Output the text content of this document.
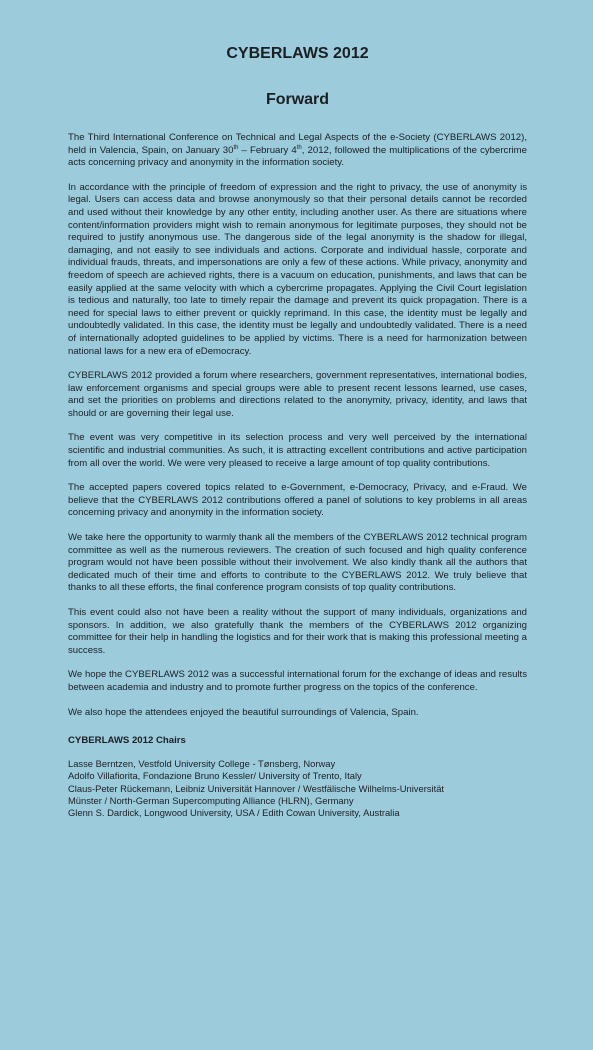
CYBERLAWS 2012
Forward

The Third International Conference on Technical and Legal Aspects of the e-Society (CYBERLAWS 2012), held in Valencia, Spain, on January 30th – February 4th, 2012, followed the multiplications of the cybercrime acts concerning privacy and anonymity in the information society.

In accordance with the principle of freedom of expression and the right to privacy, the use of anonymity is legal. Users can access data and browse anonymously so that their personal details cannot be recorded and used without their knowledge by any other entity, including another user. As there are situations where content/information providers might wish to remain anonymous for legitimate purposes, they should not be required to justify anonymous use. The dangerous side of the legal anonymity is the shadow for illegal, damaging, and not easily to see individuals and actions. Corporate and individual hassle, corporate and individual frauds, threats, and impersonations are only a few of these actions. While privacy, anonymity and freedom of speech are achieved rights, there is a vacuum on education, punishments, and laws that can be easily applied at the same velocity with which a cybercrime propagates. Applying the Civil Court legislation is tedious and naturally, too late to timely repair the damage and prevent its quick propagation. There is a need for special laws to either prevent or quickly reprimand. In this case, the identity must be legally and undoubtedly validated. In this case, the identity must be legally and undoubtedly validated. There is a need of internationally adopted guidelines to be applied by victims. There is a need for harmonization between national laws for a new era of eDemocracy.

CYBERLAWS 2012 provided a forum where researchers, government representatives, international bodies, law enforcement organisms and special groups were able to present recent lessons learned, use cases, and set the priorities on problems and directions related to the anonymity, privacy, identity, and laws that should or are governing their legal use.

The event was very competitive in its selection process and very well perceived by the international scientific and industrial communities. As such, it is attracting excellent contributions and active participation from all over the world. We were very pleased to receive a large amount of top quality contributions.

The accepted papers covered topics related to e-Government, e-Democracy, Privacy, and e-Fraud. We believe that the CYBERLAWS 2012 contributions offered a panel of solutions to key problems in all areas concerning privacy and anonymity in the information society.

We take here the opportunity to warmly thank all the members of the CYBERLAWS 2012 technical program committee as well as the numerous reviewers. The creation of such focused and high quality conference program would not have been possible without their involvement. We also kindly thank all the authors that dedicated much of their time and efforts to contribute to the CYBERLAWS 2012. We truly believe that thanks to all these efforts, the final conference program consists of top quality contributions.

This event could also not have been a reality without the support of many individuals, organizations and sponsors. In addition, we also gratefully thank the members of the CYBERLAWS 2012 organizing committee for their help in handling the logistics and for their work that is making this professional meeting a success.

We hope the CYBERLAWS 2012 was a successful international forum for the exchange of ideas and results between academia and industry and to promote further progress on the topics of the conference.

We also hope the attendees enjoyed the beautiful surroundings of Valencia, Spain.

CYBERLAWS 2012 Chairs

Lasse Berntzen, Vestfold University College - Tønsberg, Norway

Adolfo Villafiorita, Fondazione Bruno Kessler/ University of Trento, Italy

Claus-Peter Rückemann, Leibniz Universität Hannover / Westfälische Wilhelms-Universität

Münster / North-German Supercomputing Alliance (HLRN), Germany

Glenn S. Dardick, Longwood University, USA / Edith Cowan University, Australia
